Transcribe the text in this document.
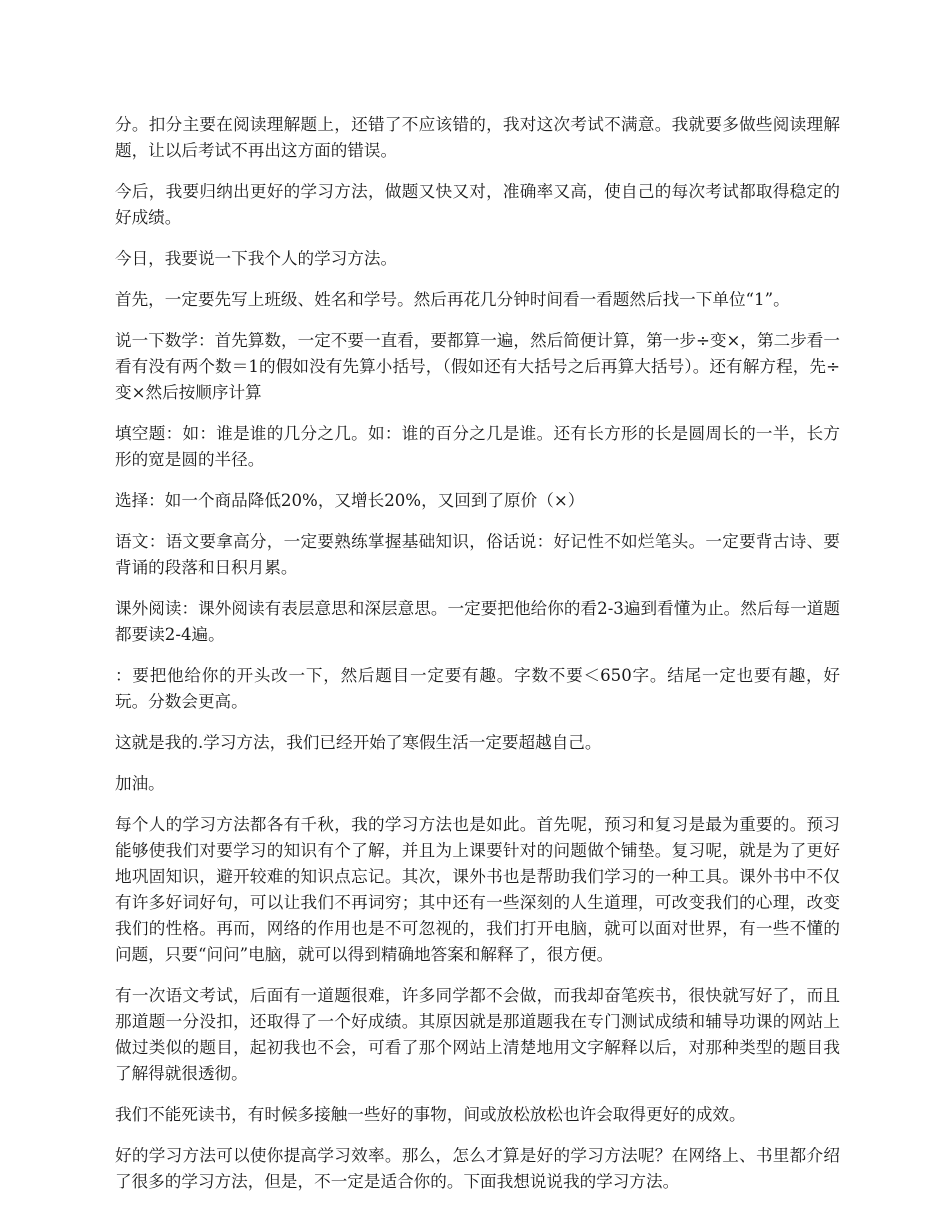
分。扣分主要在阅读理解题上，还错了不应该错的，我对这次考试不满意。我就要多做些阅读理解题，让以后考试不再出这方面的错误。

今后，我要归纳出更好的学习方法，做题又快又对，准确率又高，使自己的每次考试都取得稳定的好成绩。

今日，我要说一下我个人的学习方法。

首先，一定要先写上班级、姓名和学号。然后再花几分钟时间看一看题然后找一下单位“1”。

说一下数学：首先算数，一定不要一直看，要都算一遍，然后简便计算，第一步÷变×，第二步看一看有没有两个数＝1的假如没有先算小括号，（假如还有大括号之后再算大括号）。还有解方程，先÷变×然后按顺序计算

填空题：如：谁是谁的几分之几。如：谁的百分之几是谁。还有长方形的长是圆周长的一半，长方形的宽是圆的半径。

选择：如一个商品降低20%，又增长20%，又回到了原价（×）

语文：语文要拿高分，一定要熟练掌握基础知识，俗话说：好记性不如烂笔头。一定要背古诗、要背诵的段落和日积月累。

课外阅读：课外阅读有表层意思和深层意思。一定要把他给你的看2-3遍到看懂为止。然后每一道题都要读2-4遍。

：要把他给你的开头改一下，然后题目一定要有趣。字数不要＜650字。结尾一定也要有趣，好玩。分数会更高。

这就是我的.学习方法，我们已经开始了寒假生活一定要超越自己。

加油。

每个人的学习方法都各有千秋，我的学习方法也是如此。首先呢，预习和复习是最为重要的。预习能够使我们对要学习的知识有个了解，并且为上课要针对的问题做个铺垫。复习呢，就是为了更好地巩固知识，避开较难的知识点忘记。其次，课外书也是帮助我们学习的一种工具。课外书中不仅有许多好词好句，可以让我们不再词穷；其中还有一些深刻的人生道理，可改变我们的心理，改变我们的性格。再而，网络的作用也是不可忽视的，我们打开电脑，就可以面对世界，有一些不懂的问题，只要“问问”电脑，就可以得到精确地答案和解释了，很方便。

有一次语文考试，后面有一道题很难，许多同学都不会做，而我却奋笔疾书，很快就写好了，而且那道题一分没扣，还取得了一个好成绩。其原因就是那道题我在专门测试成绩和辅导功课的网站上做过类似的题目，起初我也不会，可看了那个网站上清楚地用文字解释以后，对那种类型的题目我了解得就很透彻。

我们不能死读书，有时候多接触一些好的事物，间或放松放松也许会取得更好的成效。

好的学习方法可以使你提高学习效率。那么，怎么才算是好的学习方法呢？在网络上、书里都介绍了很多的学习方法，但是，不一定是适合你的。下面我想说说我的学习方法。
